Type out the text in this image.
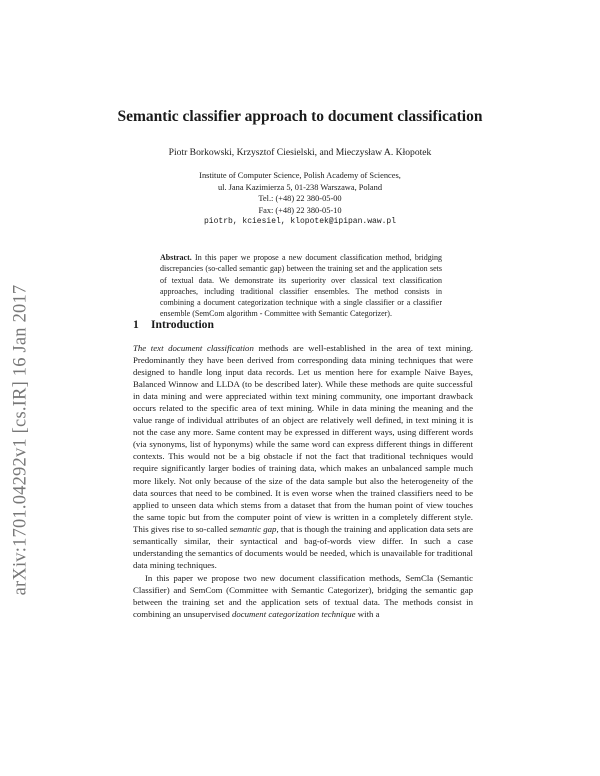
arXiv:1701.04292v1 [cs.IR] 16 Jan 2017
Semantic classifier approach to document classification
Piotr Borkowski, Krzysztof Ciesielski, and Mieczysław A. Kłopotek
Institute of Computer Science, Polish Academy of Sciences,
ul. Jana Kazimierza 5, 01-238 Warszawa, Poland
Tel.: (+48) 22 380-05-00
Fax: (+48) 22 380-05-10
piotrb, kciesiel, klopotek@ipipan.waw.pl

Abstract. In this paper we propose a new document classification method, bridging discrepancies (so-called semantic gap) between the training set and the application sets of textual data. We demonstrate its superiority over classical text classification approaches, including traditional classifier ensembles. The method consists in combining a document categorization technique with a single classifier or a classifier ensemble (SemCom algorithm - Committee with Semantic Categorizer).

1 Introduction

The text document classification methods are well-established in the area of text mining. Predominantly they have been derived from corresponding data mining techniques that were designed to handle long input data records. Let us mention here for example Naive Bayes, Balanced Winnow and LLDA (to be described later). While these methods are quite successful in data mining and were appreciated within text mining community, one important drawback occurs related to the specific area of text mining. While in data mining the meaning and the value range of individual attributes of an object are relatively well defined, in text mining it is not the case any more. Same content may be expressed in different ways, using different words (via synonyms, list of hyponyms) while the same word can express different things in different contexts. This would not be a big obstacle if not the fact that traditional techniques would require significantly larger bodies of training data, which makes an unbalanced sample much more likely. Not only because of the size of the data sample but also the heterogeneity of the data sources that need to be combined. It is even worse when the trained classifiers need to be applied to unseen data which stems from a dataset that from the human point of view touches the same topic but from the computer point of view is written in a completely different style. This gives rise to so-called semantic gap, that is though the training and application data sets are semantically similar, their syntactical and bag-of-words view differ. In such a case understanding the semantics of documents would be needed, which is unavailable for traditional data mining techniques.

In this paper we propose two new document classification methods, SemCla (Semantic Classifier) and SemCom (Committee with Semantic Categorizer), bridging the semantic gap between the training set and the application sets of textual data. The methods consist in combining an unsupervised document categorization technique with a
